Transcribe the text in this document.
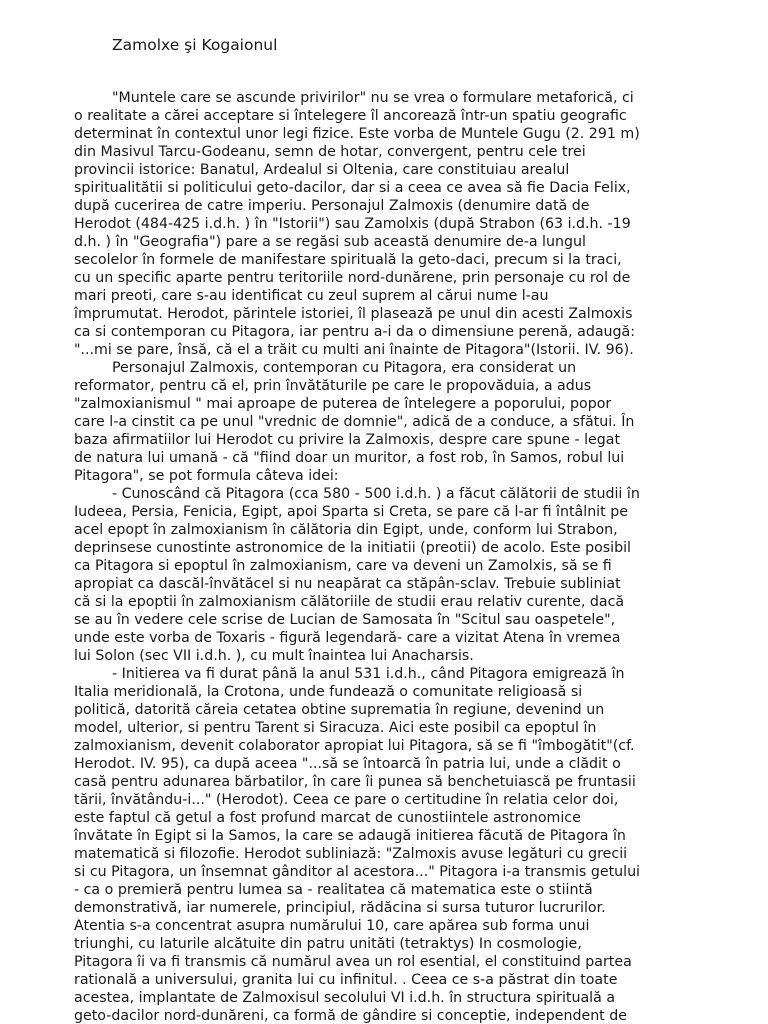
Zamolxe şi Kogaionul
"Muntele care se ascunde privirilor" nu se vrea o formulare metaforică, ci
o realitate a cărei acceptare si întelegere îl ancorează într-un spatiu geografic
determinat în contextul unor legi fizice. Este vorba de Muntele Gugu (2. 291 m)
din Masivul Tarcu-Godeanu, semn de hotar, convergent, pentru cele trei
provincii istorice: Banatul, Ardealul si Oltenia, care constituiau arealul
spiritualitătii si politicului geto-dacilor, dar si a ceea ce avea să fie Dacia Felix,
după cucerirea de catre imperiu. Personajul Zalmoxis (denumire dată de
Herodot (484-425 i.d.h. ) în "Istorii") sau Zamolxis (după Strabon (63 i.d.h. -19
d.h. ) în "Geografia") pare a se regăsi sub această denumire de-a lungul
secolelor în formele de manifestare spirituală la geto-daci, precum si la traci,
cu un specific aparte pentru teritoriile nord-dunărene, prin personaje cu rol de
mari preoti, care s-au identificat cu zeul suprem al cărui nume l-au
împrumutat. Herodot, părintele istoriei, îl plasează pe unul din acesti Zalmoxis
ca si contemporan cu Pitagora, iar pentru a-i da o dimensiune perenă, adaugă:
"...mi se pare, însă, că el a trăit cu multi ani înainte de Pitagora"(Istorii. IV. 96).
Personajul Zalmoxis, contemporan cu Pitagora, era considerat un
reformator, pentru că el, prin învătăturile pe care le propovăduia, a adus
"zalmoxianismul " mai aproape de puterea de întelegere a poporului, popor
care l-a cinstit ca pe unul "vrednic de domnie", adică de a conduce, a sfătui. În
baza afirmatiilor lui Herodot cu privire la Zalmoxis, despre care spune - legat
de natura lui umană - că "fiind doar un muritor, a fost rob, în Samos, robul lui
Pitagora", se pot formula câteva idei:
- Cunoscând că Pitagora (cca 580 - 500 i.d.h. ) a făcut călătorii de studii în
Iudeea, Persia, Fenicia, Egipt, apoi Sparta si Creta, se pare că l-ar fi întâlnit pe
acel epopt în zalmoxianism în călătoria din Egipt, unde, conform lui Strabon,
deprinsese cunostinte astronomice de la initiatii (preotii) de acolo. Este posibil
ca Pitagora si epoptul în zalmoxianism, care va deveni un Zamolxis, să se fi
apropiat ca dascăl-învătăcel si nu neapărat ca stăpân-sclav. Trebuie subliniat
că si la epoptii în zalmoxianism călătoriile de studii erau relativ curente, dacă
se au în vedere cele scrise de Lucian de Samosata în "Scitul sau oaspetele",
unde este vorba de Toxaris - figură legendară- care a vizitat Atena în vremea
lui Solon (sec VII i.d.h. ), cu mult înaintea lui Anacharsis.
- Initierea va fi durat până la anul 531 i.d.h., când Pitagora emigrează în
Italia meridională, la Crotona, unde fundează o comunitate religioasă si
politică, datorită căreia cetatea obtine suprematia în regiune, devenind un
model, ulterior, si pentru Tarent si Siracuza. Aici este posibil ca epoptul în
zalmoxianism, devenit colaborator apropiat lui Pitagora, să se fi "îmbogătit"(cf.
Herodot. IV. 95), ca după aceea "...să se întoarcă în patria lui, unde a clădit o
casă pentru adunarea bărbatilor, în care îi punea să benchetuiască pe fruntasii
tării, învătându-i..." (Herodot). Ceea ce pare o certitudine în relatia celor doi,
este faptul că getul a fost profund marcat de cunostiintele astronomice
învătate în Egipt si la Samos, la care se adaugă initierea făcută de Pitagora în
matematică si filozofie. Herodot subliniază: "Zalmoxis avuse legături cu grecii
si cu Pitagora, un însemnat gânditor al acestora..." Pitagora i-a transmis getului
- ca o premieră pentru lumea sa - realitatea că matematica este o stiintă
demonstrativă, iar numerele, principiul, rădăcina si sursa tuturor lucrurilor.
Atentia s-a concentrat asupra numărului 10, care apărea sub forma unui
triunghi, cu laturile alcătuite din patru unităti (tetraktys) In cosmologie,
Pitagora îi va fi transmis că numărul avea un rol esential, el constituind partea
ratională a universului, granita lui cu infinitul. . Ceea ce s-a păstrat din toate
acestea, implantate de Zalmoxisul secolului VI i.d.h. în structura spirituală a
geto-dacilor nord-dunăreni, ca formă de gândire si conceptie, independent de
